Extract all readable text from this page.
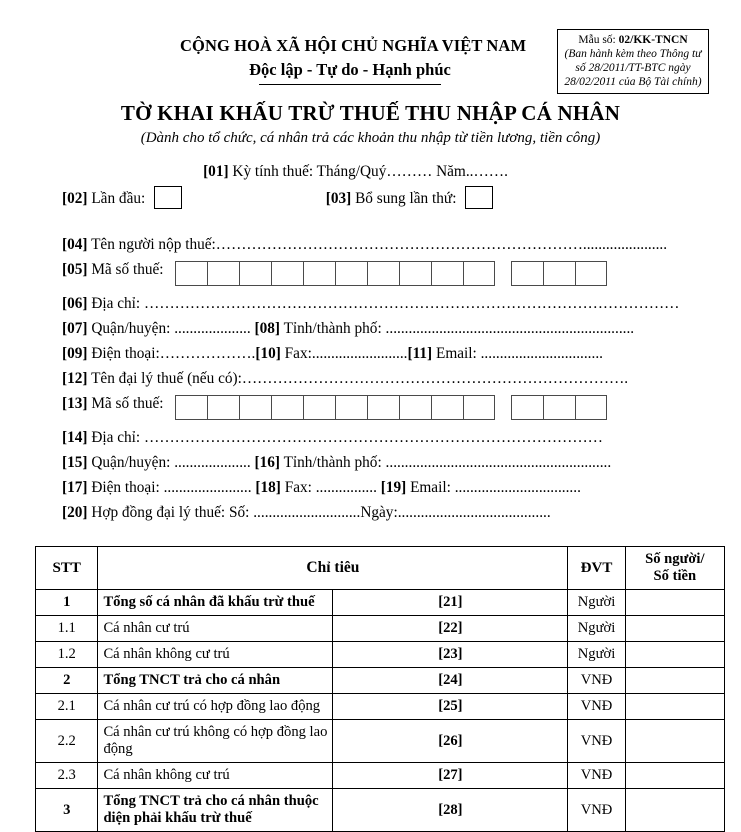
CỘNG HOÀ XÃ HỘI CHỦ NGHĨA VIỆT NAM
Độc lập - Tự do - Hạnh phúc
Mẫu số: 02/KK-TNCN
(Ban hành kèm theo Thông tư
số 28/2011/TT-BTC ngày
28/02/2011 của Bộ Tài chính)
TỜ KHAI KHẤU TRỪ THUẾ THU NHẬP CÁ NHÂN
(Dành cho tổ chức, cá nhân trả các khoản thu nhập từ tiền lương, tiền công)
[01] Kỳ tính thuế: Tháng/Quý……… Năm..…….
[02] Lần đầu:	[03] Bổ sung lần thứ:
[04] Tên người nộp thuế:………………………………………………………………......................
[05] Mã số thuế:
[06] Địa chỉ: ……………………………………………………………………………………………
[07] Quận/huyện: .................... [08] Tỉnh/thành phố: .................................................................
[09] Điện thoại:……………….[10] Fax:.........................[11] Email: ................................
[12] Tên đại lý thuế (nếu có):………………………………………………………………….
[13] Mã số thuế:
[14] Địa chỉ: ………………………………………………………………………………
[15] Quận/huyện: .................... [16] Tỉnh/thành phố: ...........................................................
[17] Điện thoại: ....................... [18] Fax: ................ [19] Email: .................................
[20] Hợp đồng đại lý thuế: Số: ............................Ngày:........................................
STT	Chỉ tiêu		ĐVT	Số người/
Số tiền
1	Tổng số cá nhân đã khấu trừ thuế	[21]	Người	
1.1	Cá nhân cư trú	[22]	Người	
1.2	Cá nhân không cư trú	[23]	Người	
2	Tổng TNCT trả cho cá nhân	[24]	VNĐ	
2.1	Cá nhân cư trú có hợp đồng lao động	[25]	VNĐ	
2.2	Cá nhân cư trú không có hợp đồng lao động	[26]	VNĐ	
2.3	Cá nhân không cư trú	[27]	VNĐ	
3	Tổng TNCT trả cho cá nhân thuộc diện phải khấu trừ thuế	[28]	VNĐ	
